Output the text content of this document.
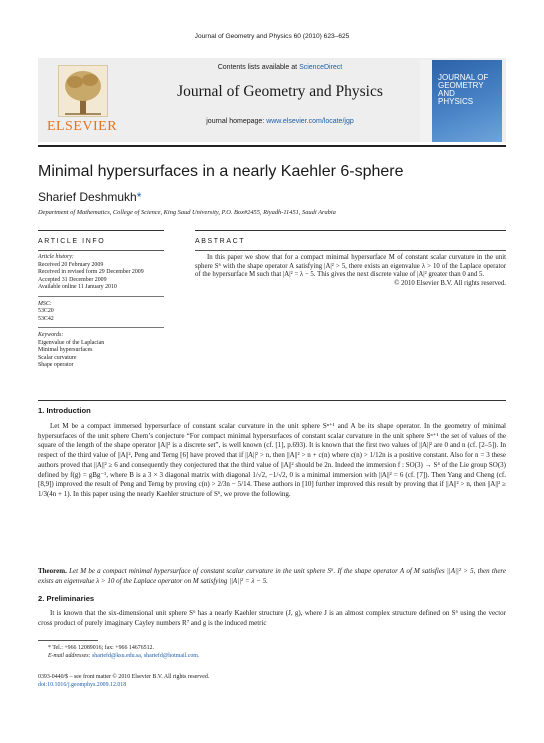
Journal of Geometry and Physics 60 (2010) 623–625
ELSEVIER
Contents lists available at ScienceDirect
Journal of Geometry and Physics
journal homepage: www.elsevier.com/locate/jgp
JOURNAL OF
GEOMETRY AND
PHYSICS
Minimal hypersurfaces in a nearly Kaehler 6-sphere
Sharief Deshmukh*
Department of Mathematics, College of Science, King Saud University, P.O. Box#2455, Riyadh-11451, Saudi Arabia
ARTICLE INFO	ABSTRACT
Article history:
Received 20 February 2009
Received in revised form 29 December 2009
Accepted 31 December 2009
Available online 11 January 2010
MSC:
53C20
53C42
Keywords:
Eigenvalue of the Laplacian
Minimal hypersurfaces
Scalar curvature
Shape operator
In this paper we show that for a compact minimal hypersurface M of constant scalar curvature in the unit sphere S⁶ with the shape operator A satisfying |A|² > 5, there exists an eigenvalue λ > 10 of the Laplace operator of the hypersurface M such that |A|² = λ − 5. This gives the next discrete value of |A|² greater than 0 and 5.
© 2010 Elsevier B.V. All rights reserved.
1. Introduction
Let M be a compact immersed hypersurface of constant scalar curvature in the unit sphere Sⁿ⁺¹ and A be its shape operator. In the geometry of minimal hypersurfaces of the unit sphere Chern’s conjecture “For compact minimal hypersurfaces of constant scalar curvature in the unit sphere Sⁿ⁺¹ the set of values of the square of the length of the shape operator ||A||² is a discrete set”, is well known (cf. [1], p.693). It is known that the first two values of ||A||² are 0 and n (cf. [2–5]). In respect of the third value of ||A||², Peng and Terng [6] have proved that if ||A||² > n, then ||A||² > n + c(n) where c(n) > 1/12n is a positive constant. Also for n = 3 these authors proved that ||A||² ≥ 6 and consequently they conjectured that the third value of ||A||² should be 2n. Indeed the immersion f : SO(3) → S⁴ of the Lie group SO(3) defined by f(g) = gBg⁻¹, where B is a 3 × 3 diagonal matrix with diagonal 1/√2, −1/√2, 0 is a minimal immersion with ||A||² = 6 (cf. [7]). Then Yang and Cheng (cf. [8,9]) improved the result of Peng and Terng by proving c(n) > 2/3n − 5/14. These authors in [10] further improved this result by proving that if ||A||² > n, then ||A||² ≥ 1/3(4n + 1). In this paper using the nearly Kaehler structure of S⁶, we prove the following.
Theorem. Let M be a compact minimal hypersurface of constant scalar curvature in the unit sphere S⁶. If the shape operator A of M satisfies ||A||² > 5, then there exists an eigenvalue λ > 10 of the Laplace operator on M satisfying ||A||² = λ − 5.
2. Preliminaries
It is known that the six-dimensional unit sphere S⁶ has a nearly Kaehler structure (J, g), where J is an almost complex structure defined on S⁶ using the vector cross product of purely imaginary Cayley numbers R⁷ and g is the induced metric
* Tel.: +966 12089016; fax: +966 14676512.
E-mail addresses: shariefd@ksu.edu.sa, shariefd@hotmail.com.
0393-0440/$ – see front matter © 2010 Elsevier B.V. All rights reserved.
doi:10.1016/j.geomphys.2009.12.018
